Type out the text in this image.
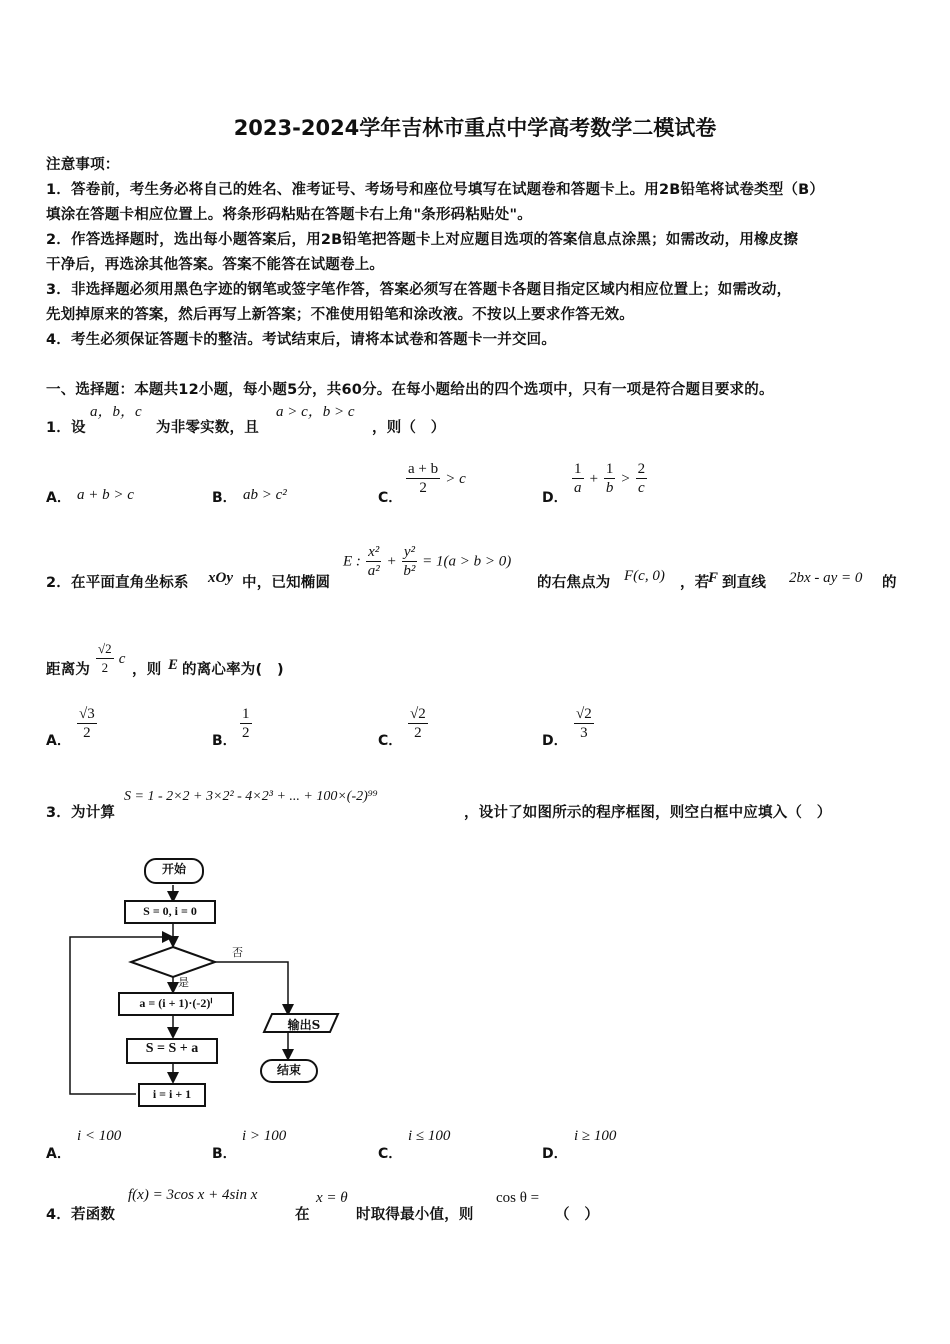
2023-2024学年吉林市重点中学高考数学二模试卷
注意事项：
1．答卷前，考生务必将自己的姓名、准考证号、考场号和座位号填写在试题卷和答题卡上。用2B铅笔将试卷类型（B）
填涂在答题卡相应位置上。将条形码粘贴在答题卡右上角"条形码粘贴处"。
2．作答选择题时，选出每小题答案后，用2B铅笔把答题卡上对应题目选项的答案信息点涂黑；如需改动，用橡皮擦
干净后，再选涂其他答案。答案不能答在试题卷上。
3．非选择题必须用黑色字迹的钢笔或签字笔作答，答案必须写在答题卡各题目指定区域内相应位置上；如需改动，
先划掉原来的答案，然后再写上新答案；不准使用铅笔和涂改液。不按以上要求作答无效。
4．考生必须保证答题卡的整洁。考试结束后，请将本试卷和答题卡一并交回。
一、选择题：本题共12小题，每小题5分，共60分。在每小题给出的四个选项中，只有一项是符合题目要求的。
1．设
a，b，c
为非零实数，且
a > c，b > c
，则（　）
A． a + b > c	B． ab > c²	C．
$\frac{a + b}{2} > c$
D．
$\frac{1}{a} + \frac{1}{b} > \frac{2}{c}$
2．在平面直角坐标系 xOy 中，已知椭圆
E : $\frac{\text{x²}}{\text{a²}} + \frac{\text{y²}}{\text{b²}} = 1(a > b > 0)$
的右焦点为 F(c, 0) ，若
F 到直线 2bx - ay = 0 的
距离为 $\frac{√2}{2}$ c
，则 E 的离心率为(　)
A． $\frac{√3}{2}$	B． $\frac{1}{2}$	C． $\frac{√2}{2}$	D． $\frac{√2}{3}$
3．为计算
S = 1 - 2×2 + 3×2² - 4×2³ + ... + 100×(-2)⁹⁹
，设计了如图所示的程序框图，则空白框中应填入（　）
开始
S = 0, i = 0
是
否
a = (i + 1)·(-2)ⁱ
S = S + a
i = i + 1
输出S
结束
A．
i < 100
B．
i > 100
C．
i ≤ 100
D．
i ≥ 100
4．若函数
f(x) = 3cos x + 4sin x
在
x = θ
时取得最小值，则
cos θ =
（　）
